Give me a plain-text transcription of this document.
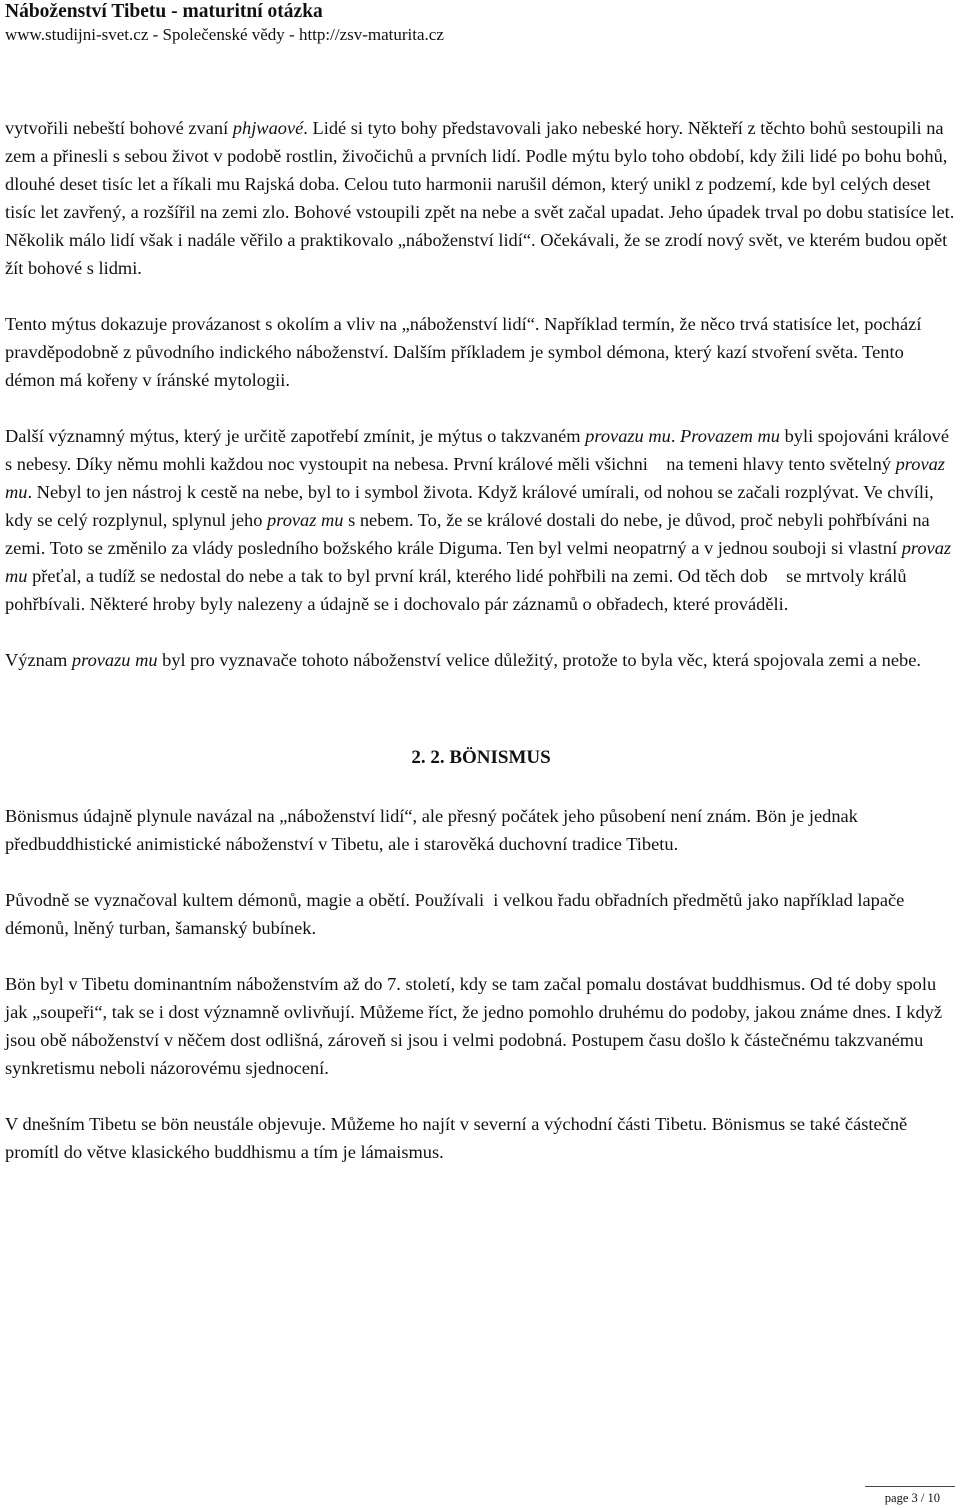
Náboženství Tibetu - maturitní otázka

www.studijni-svet.cz - Společenské vědy - http://zsv-maturita.cz

vytvořili nebeští bohové zvaní phjwaové. Lidé si tyto bohy představovali jako nebeské hory. Někteří z těchto bohů sestoupili na zem a přinesli s sebou život v podobě rostlin, živočichů a prvních lidí. Podle mýtu bylo toho období, kdy žili lidé po bohu bohů, dlouhé deset tisíc let a říkali mu Rajská doba. Celou tuto harmonii narušil démon, který unikl z podzemí, kde byl celých deset tisíc let zavřený, a rozšířil na zemi zlo. Bohové vstoupili zpět na nebe a svět začal upadat. Jeho úpadek trval po dobu statisíce let. Několik málo lidí však i nadále věřilo a praktikovalo „náboženství lidí“. Očekávali, že se zrodí nový svět, ve kterém budou opět žít bohové s lidmi.

Tento mýtus dokazuje provázanost s okolím a vliv na „náboženství lidí“. Například termín, že něco trvá statisíce let, pochází pravděpodobně z původního indického náboženství. Dalším příkladem je symbol démona, který kazí stvoření světa. Tento démon má kořeny v íránské mytologii.

Další významný mýtus, který je určitě zapotřebí zmínit, je mýtus o takzvaném provazu mu. Provazem mu byli spojováni králové s nebesy. Díky němu mohli každou noc vystoupit na nebesa. První králové měli všichni    na temeni hlavy tento světelný provaz mu. Nebyl to jen nástroj k cestě na nebe, byl to i symbol života. Když králové umírali, od nohou se začali rozplývat. Ve chvíli, kdy se celý rozplynul, splynul jeho provaz mu s nebem. To, že se králové dostali do nebe, je důvod, proč nebyli pohřbíváni na zemi. Toto se změnilo za vlády posledního božského krále Diguma. Ten byl velmi neopatrný a v jednou souboji si vlastní provaz mu přeťal, a tudíž se nedostal do nebe a tak to byl první král, kterého lidé pohřbili na zemi. Od těch dob    se mrtvoly králů pohřbívali. Některé hroby byly nalezeny a údajně se i dochovalo pár záznamů o obřadech, které prováděli.

Význam provazu mu byl pro vyznavače tohoto náboženství velice důležitý, protože to byla věc, která spojovala zemi a nebe.

2. 2. BÖNISMUS

Bönismus údajně plynule navázal na „náboženství lidí“, ale přesný počátek jeho působení není znám. Bön je jednak předbuddhistické animistické náboženství v Tibetu, ale i starověká duchovní tradice Tibetu.

Původně se vyznačoval kultem démonů, magie a obětí. Používali  i velkou řadu obřadních předmětů jako například lapače démonů, lněný turban, šamanský bubínek.

Bön byl v Tibetu dominantním náboženstvím až do 7. století, kdy se tam začal pomalu dostávat buddhismus. Od té doby spolu jak „soupeři“, tak se i dost významně ovlivňují. Můžeme říct, že jedno pomohlo druhému do podoby, jakou známe dnes. I když jsou obě náboženství v něčem dost odlišná, zároveň si jsou i velmi podobná. Postupem času došlo k částečnému takzvanému synkretismu neboli názorovému sjednocení.

V dnešním Tibetu se bön neustále objevuje. Můžeme ho najít v severní a východní části Tibetu. Bönismus se také částečně promítl do větve klasického buddhismu a tím je lámaismus.

page 3 / 10
